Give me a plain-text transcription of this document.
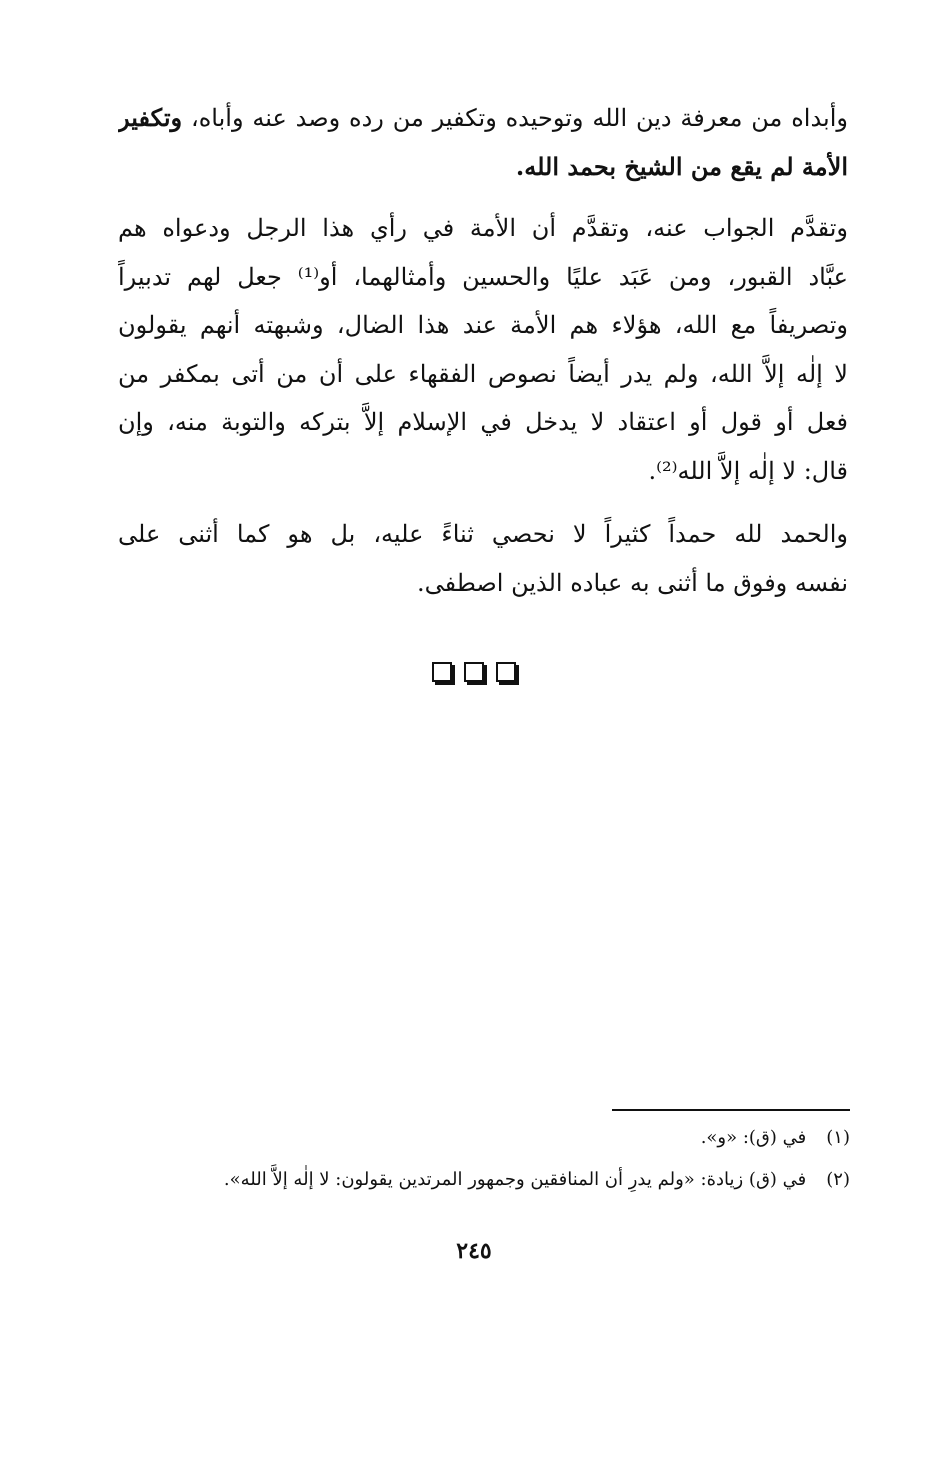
وأبداه من معرفة دين الله وتوحيده وتكفير من رده وصد عنه وأباه، وتكفير
الأمة لم يقع من الشيخ بحمد الله.

وتقدَّم الجواب عنه، وتقدَّم أن الأمة في رأي هذا الرجل ودعواه هم
عبَّاد القبور، ومن عَبَد عليًا والحسين وأمثالهما، أو⁽¹⁾ جعل لهم تدبيراً
وتصريفاً مع الله، هؤلاء هم الأمة عند هذا الضال، وشبهته أنهم يقولون
لا إلٰه إلاَّ الله، ولم يدر أيضاً نصوص الفقهاء على أن من أتى بمكفر من
فعل أو قول أو اعتقاد لا يدخل في الإسلام إلاَّ بتركه والتوبة منه، وإن
قال: لا إلٰه إلاَّ الله⁽²⁾.

والحمد لله حمداً كثيراً لا نحصي ثناءً عليه، بل هو كما أثنى على
نفسه وفوق ما أثنى به عباده الذين اصطفى.

(١)في (ق): «و».
(٢)في (ق) زيادة: «ولم يدرِ أن المنافقين وجمهور المرتدين يقولون: لا إلٰه إلاَّ الله».
٢٤٥
